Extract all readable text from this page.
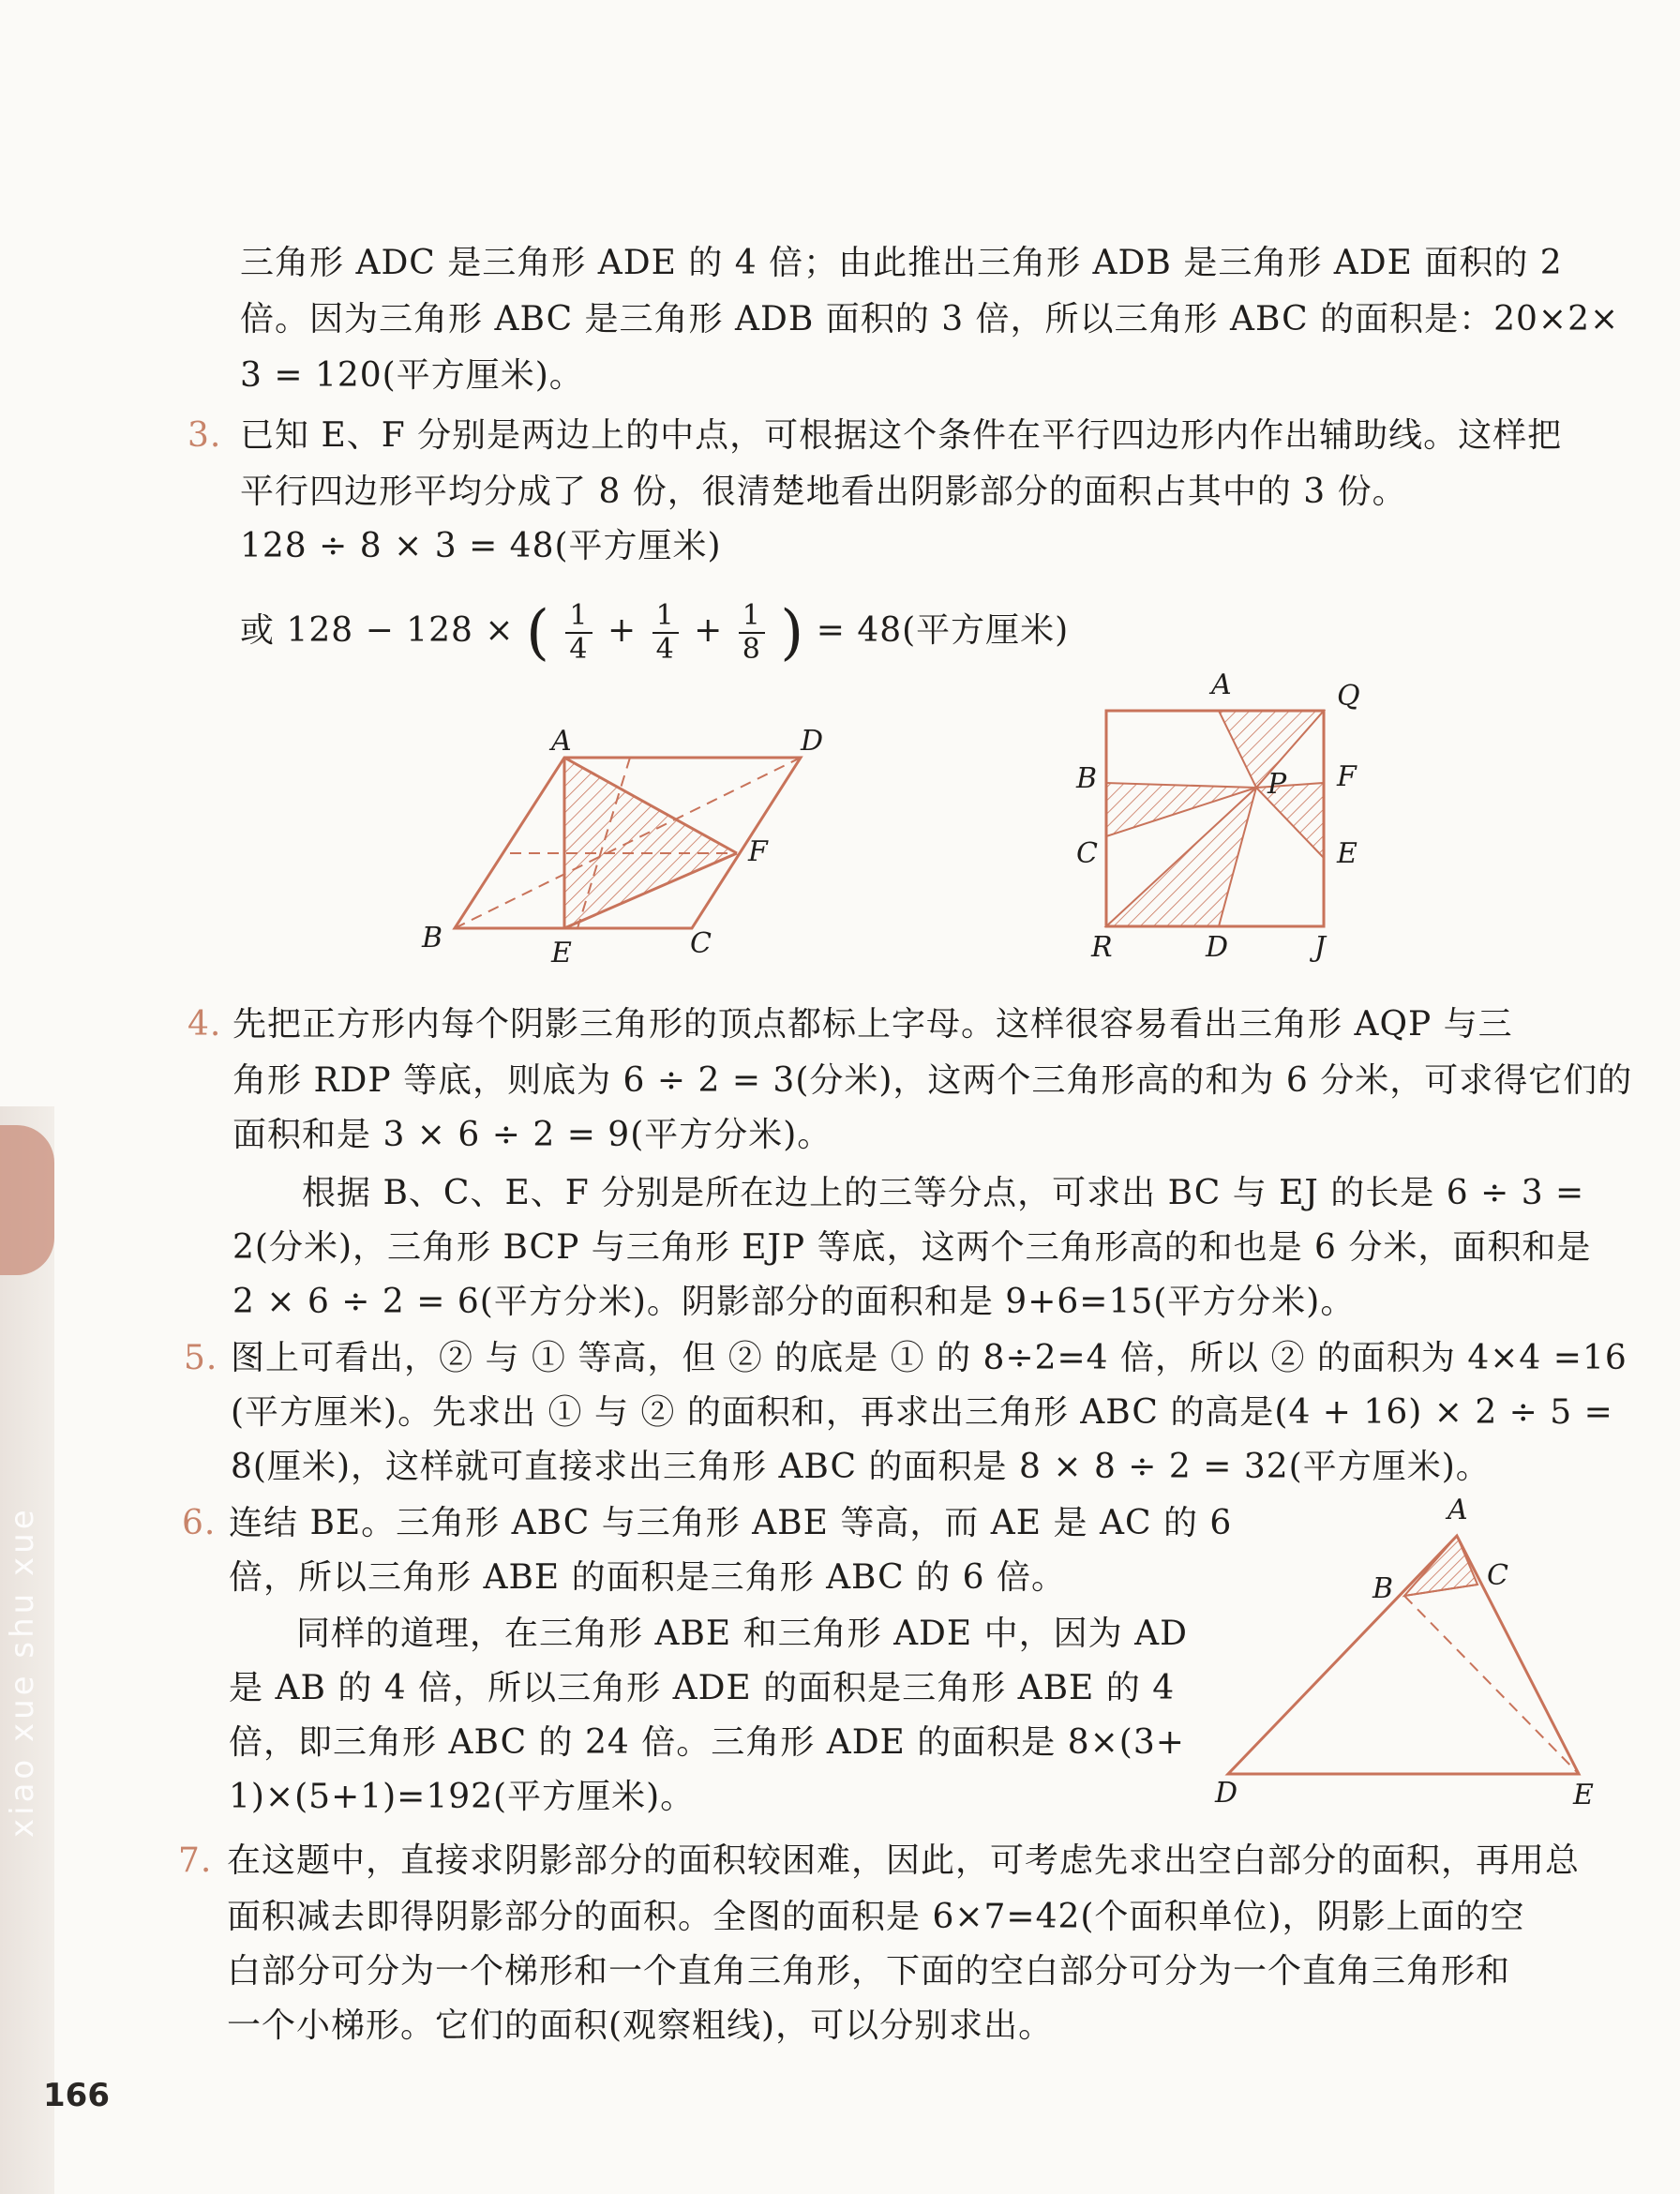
xiao xue shu xue
三角形 ADC 是三角形 ADE 的 4 倍；由此推出三角形 ADB 是三角形 ADE 面积的 2
倍。因为三角形 ABC 是三角形 ADB 面积的 3 倍，所以三角形 ABC 的面积是：20×2×
3 = 120(平方厘米)。
3. 已知 E、F 分别是两边上的中点，可根据这个条件在平行四边形内作出辅助线。这样把
平行四边形平均分成了 8 份，很清楚地看出阴影部分的面积占其中的 3 份。
128 ÷ 8 × 3 = 48(平方厘米)
或 128 − 128 × ( $\frac{1}{4} + \frac{1}{4} + \frac{1}{8}$ ) = 48(平方厘米)
A	D
F
B	E	C
A	Q
B	P F
C	E
R	D	J
4. 先把正方形内每个阴影三角形的顶点都标上字母。这样很容易看出三角形 AQP 与三
角形 RDP 等底，则底为 6 ÷ 2 = 3(分米)，这两个三角形高的和为 6 分米，可求得它们的
面积和是 3 × 6 ÷ 2 = 9(平方分米)。
根据 B、C、E、F 分别是所在边上的三等分点，可求出 BC 与 EJ 的长是 6 ÷ 3 =
2(分米)，三角形 BCP 与三角形 EJP 等底，这两个三角形高的和也是 6 分米，面积和是
2 × 6 ÷ 2 = 6(平方分米)。阴影部分的面积和是 9+6=15(平方分米)。
5. 图上可看出，② 与 ① 等高，但 ② 的底是 ① 的 8÷2=4 倍，所以 ② 的面积为 4×4 =16
(平方厘米)。先求出 ① 与 ② 的面积和，再求出三角形 ABC 的高是(4 + 16) × 2 ÷ 5 =
8(厘米)，这样就可直接求出三角形 ABC 的面积是 8 × 8 ÷ 2 = 32(平方厘米)。
6. 连结 BE。三角形 ABC 与三角形 ABE 等高，而 AE 是 AC 的 6
倍，所以三角形 ABE 的面积是三角形 ABC 的 6 倍。
同样的道理，在三角形 ABE 和三角形 ADE 中，因为 AD
是 AB 的 4 倍，所以三角形 ADE 的面积是三角形 ABE 的 4
倍，即三角形 ABC 的 24 倍。三角形 ADE 的面积是 8×(3+
1)×(5+1)=192(平方厘米)。
A
B	C
D	E
7. 在这题中，直接求阴影部分的面积较困难，因此，可考虑先求出空白部分的面积，再用总
面积减去即得阴影部分的面积。全图的面积是 6×7=42(个面积单位)，阴影上面的空
白部分可分为一个梯形和一个直角三角形，下面的空白部分可分为一个直角三角形和
一个小梯形。它们的面积(观察粗线)，可以分别求出。
166
